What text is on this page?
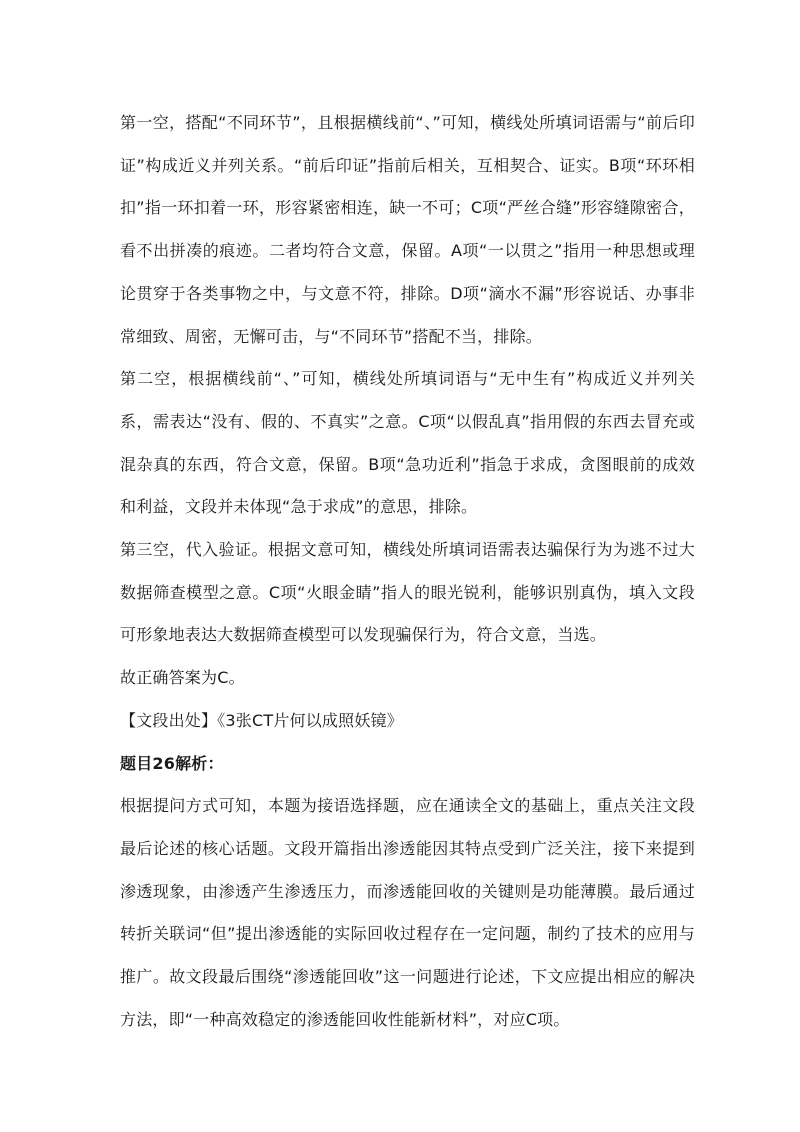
第一空，搭配“不同环节”，且根据横线前“、”可知，横线处所填词语需与“前后印证”构成近义并列关系。“前后印证”指前后相关，互相契合、证实。B项“环环相扣”指一环扣着一环，形容紧密相连，缺一不可；C项“严丝合缝”形容缝隙密合，看不出拼凑的痕迹。二者均符合文意，保留。A项“一以贯之”指用一种思想或理论贯穿于各类事物之中，与文意不符，排除。D项“滴水不漏”形容说话、办事非常细致、周密，无懈可击，与“不同环节”搭配不当，排除。

第二空，根据横线前“、”可知，横线处所填词语与“无中生有”构成近义并列关系，需表达“没有、假的、不真实”之意。C项“以假乱真”指用假的东西去冒充或混杂真的东西，符合文意，保留。B项“急功近利”指急于求成，贪图眼前的成效和利益，文段并未体现“急于求成”的意思，排除。

第三空，代入验证。根据文意可知，横线处所填词语需表达骗保行为为逃不过大数据筛查模型之意。C项“火眼金睛”指人的眼光锐利，能够识别真伪，填入文段可形象地表达大数据筛查模型可以发现骗保行为，符合文意，当选。

故正确答案为C。

【文段出处】《3张CT片何以成照妖镜》

题目26解析：

根据提问方式可知，本题为接语选择题，应在通读全文的基础上，重点关注文段最后论述的核心话题。文段开篇指出渗透能因其特点受到广泛关注，接下来提到渗透现象，由渗透产生渗透压力，而渗透能回收的关键则是功能薄膜。最后通过转折关联词“但”提出渗透能的实际回收过程存在一定问题，制约了技术的应用与推广。故文段最后围绕“渗透能回收”这一问题进行论述，下文应提出相应的解决方法，即“一种高效稳定的渗透能回收性能新材料”，对应C项。
